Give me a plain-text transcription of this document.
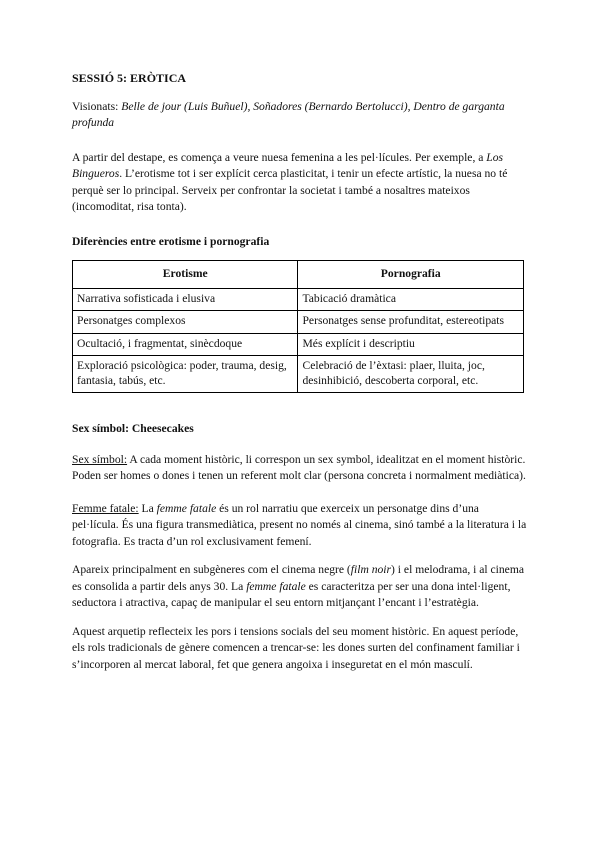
SESSIÓ 5: ERÒTICA

Visionats: Belle de jour (Luis Buñuel), Soñadores (Bernardo Bertolucci), Dentro de garganta profunda

A partir del destape, es comença a veure nuesa femenina a les pel·lícules. Per exemple, a Los Bingueros. L’erotisme tot i ser explícit cerca plasticitat, i tenir un efecte artístic, la nuesa no té perquè ser lo principal. Serveix per confrontar la societat i també a nosaltres mateixos (incomoditat, risa tonta).

Diferències entre erotisme i pornografia
Erotisme	Pornografia
Narrativa sofisticada i elusiva	Tabicació dramàtica
Personatges complexos	Personatges sense profunditat, estereotipats
Ocultació, i fragmentat, sinècdoque	Més explícit i descriptiu
Exploració psicològica: poder, trauma, desig, fantasia, tabús, etc.	Celebració de l’èxtasi: plaer, lluita, joc, desinhibició, descoberta corporal, etc.
Sex símbol: Cheesecakes

Sex símbol: A cada moment històric, li correspon un sex symbol, idealitzat en el moment històric. Poden ser homes o dones i tenen un referent molt clar (persona concreta i normalment mediàtica).

Femme fatale: La femme fatale és un rol narratiu que exerceix un personatge dins d’una pel·lícula. És una figura transmediàtica, present no només al cinema, sinó també a la literatura i la fotografia. Es tracta d’un rol exclusivament femení.

Apareix principalment en subgèneres com el cinema negre (film noir) i el melodrama, i al cinema es consolida a partir dels anys 30. La femme fatale es caracteritza per ser una dona intel·ligent, seductora i atractiva, capaç de manipular el seu entorn mitjançant l’encant i l’estratègia.

Aquest arquetip reflecteix les pors i tensions socials del seu moment històric. En aquest període, els rols tradicionals de gènere comencen a trencar-se: les dones surten del confinament familiar i s’incorporen al mercat laboral, fet que genera angoixa i inseguretat en el món masculí.
